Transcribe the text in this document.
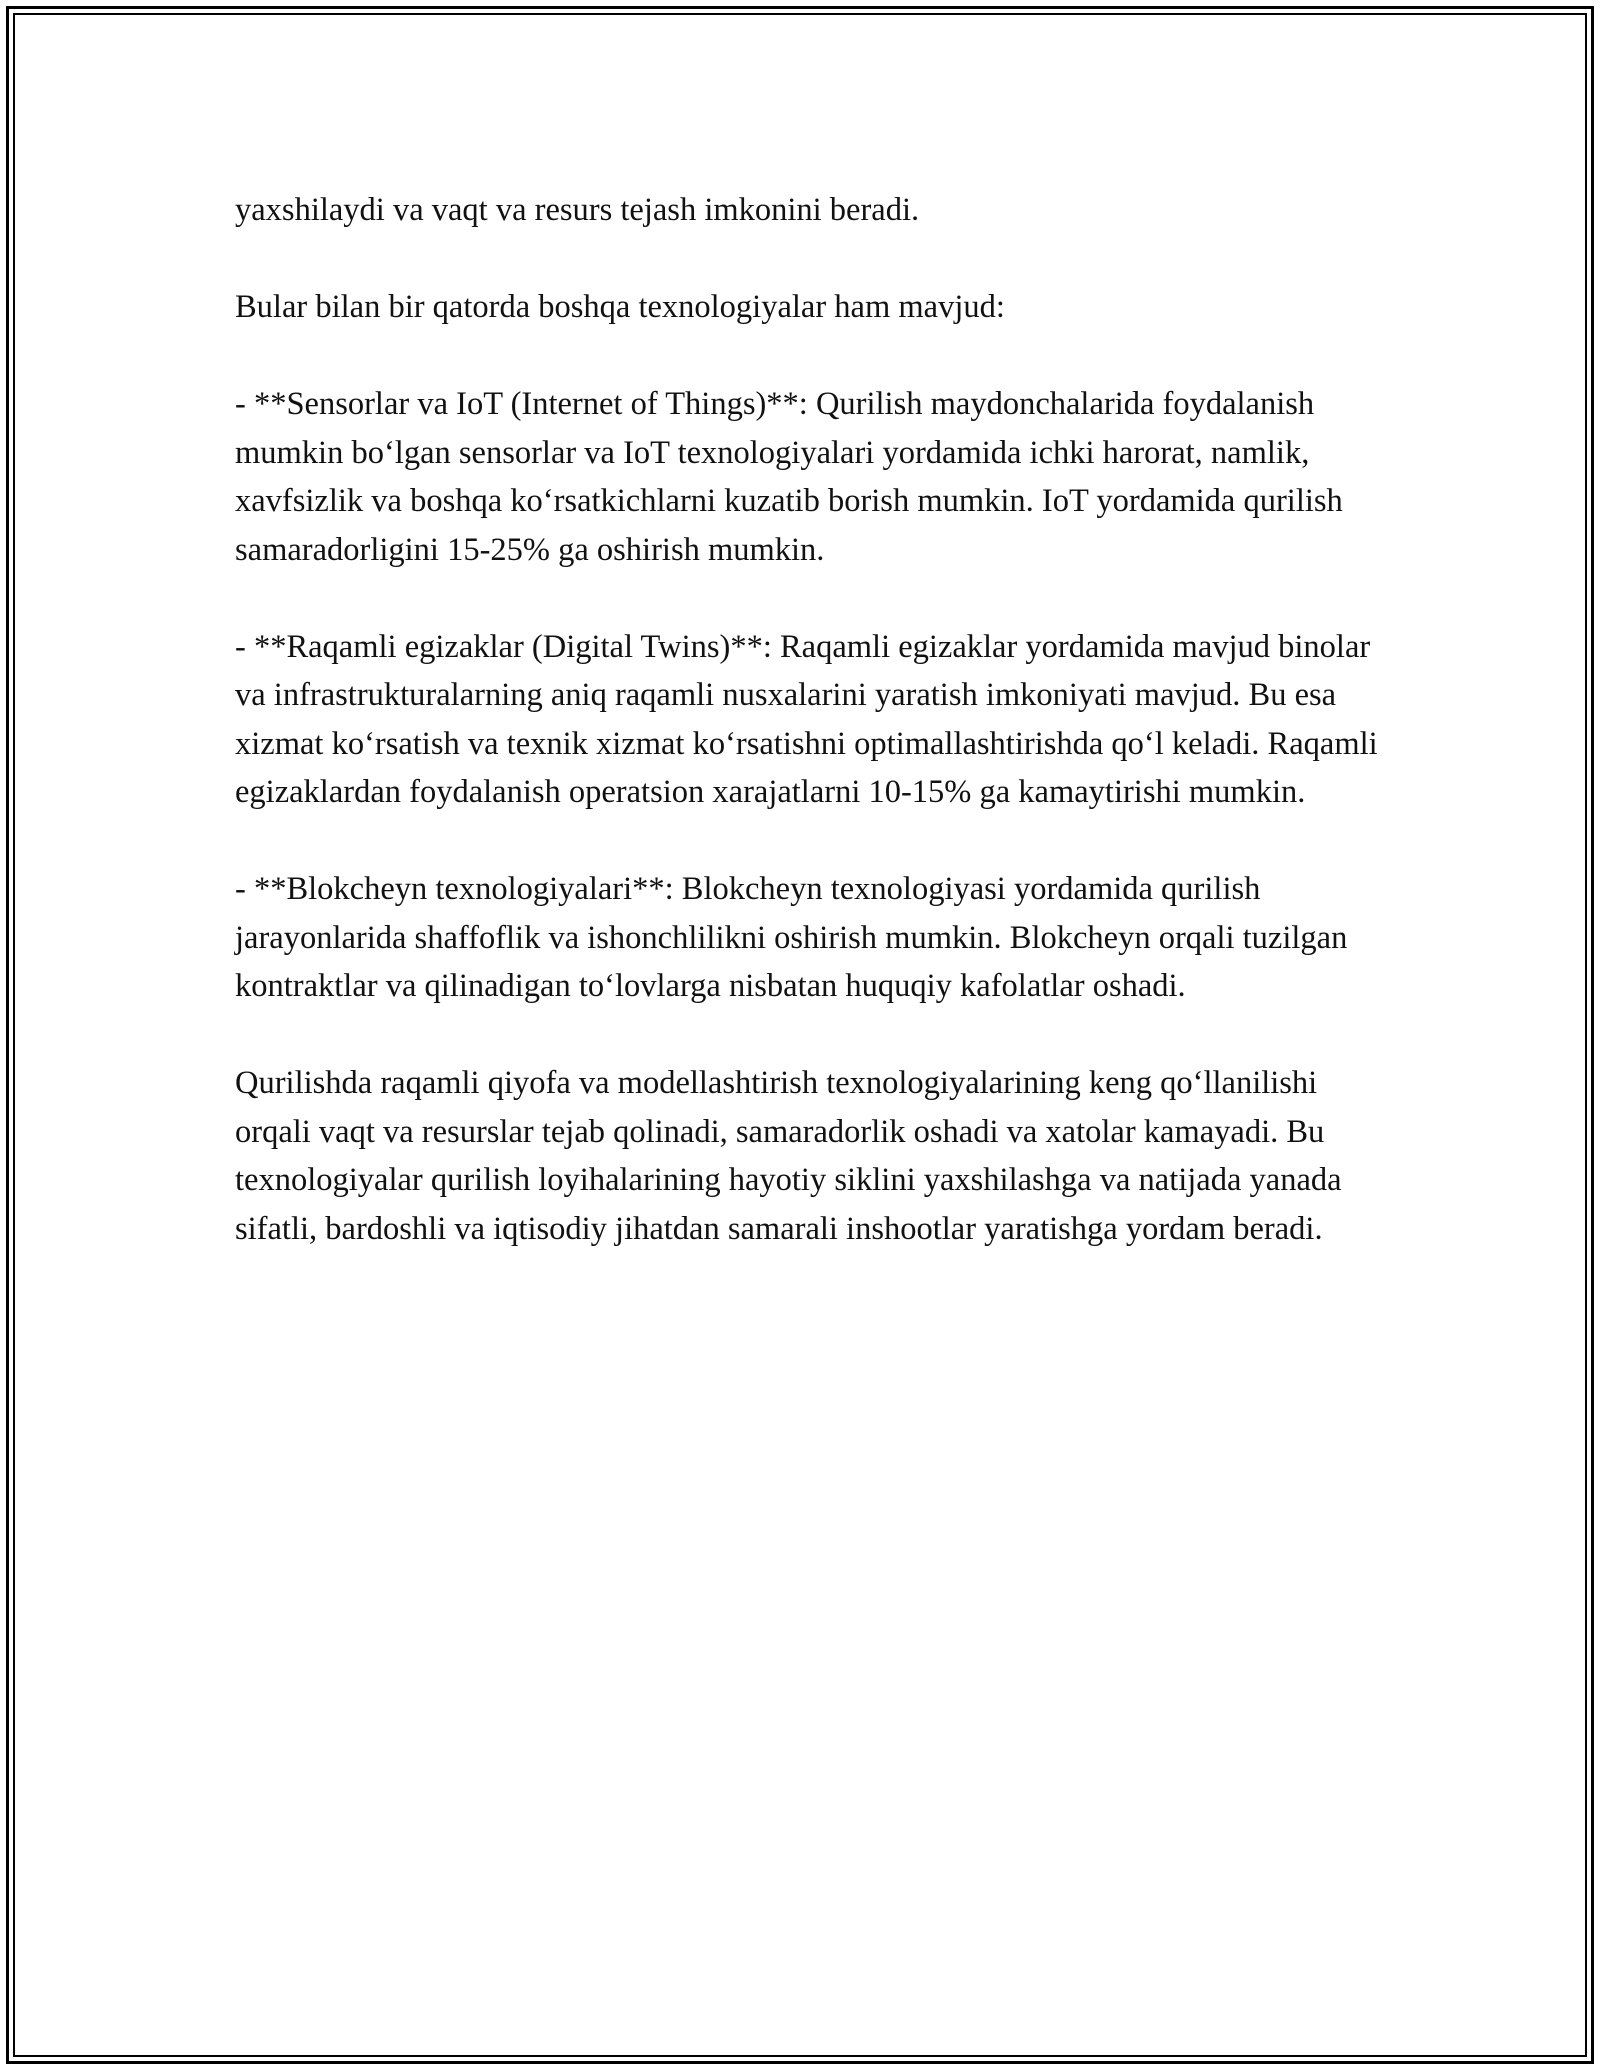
yaxshilaydi va vaqt va resurs tejash imkonini beradi.

Bular bilan bir qatorda boshqa texnologiyalar ham mavjud:

- **Sensorlar va IoT (Internet of Things)**: Qurilish maydonchalarida foydalanish mumkin bo‘lgan sensorlar va IoT texnologiyalari yordamida ichki harorat, namlik, xavfsizlik va boshqa ko‘rsatkichlarni kuzatib borish mumkin. IoT yordamida qurilish samaradorligini 15-25% ga oshirish mumkin.

- **Raqamli egizaklar (Digital Twins)**: Raqamli egizaklar yordamida mavjud binolar va infrastrukturalarning aniq raqamli nusxalarini yaratish imkoniyati mavjud. Bu esa xizmat ko‘rsatish va texnik xizmat ko‘rsatishni optimallashtirishda qo‘l keladi. Raqamli egizaklardan foydalanish operatsion xarajatlarni 10-15% ga kamaytirishi mumkin.

- **Blokcheyn texnologiyalari**: Blokcheyn texnologiyasi yordamida qurilish jarayonlarida shaffoflik va ishonchlilikni oshirish mumkin. Blokcheyn orqali tuzilgan kontraktlar va qilinadigan to‘lovlarga nisbatan huquqiy kafolatlar oshadi.

Qurilishda raqamli qiyofa va modellashtirish texnologiyalarining keng qo‘llanilishi orqali vaqt va resurslar tejab qolinadi, samaradorlik oshadi va xatolar kamayadi. Bu texnologiyalar qurilish loyihalarining hayotiy siklini yaxshilashga va natijada yanada sifatli, bardoshli va iqtisodiy jihatdan samarali inshootlar yaratishga yordam beradi.
